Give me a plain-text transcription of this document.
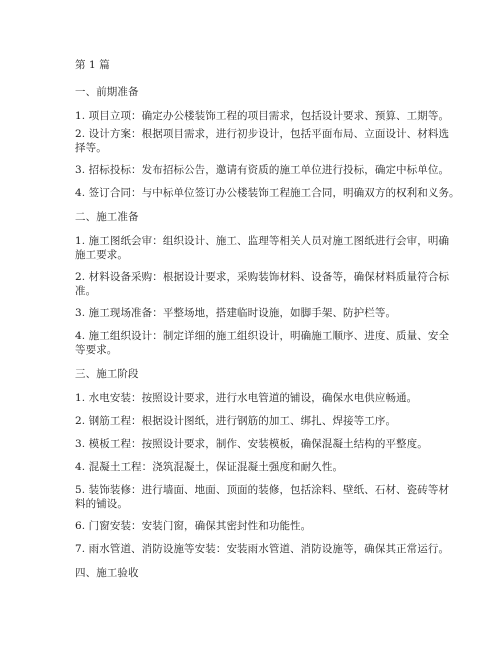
第 1 篇
一、前期准备
1. 项目立项：确定办公楼装饰工程的项目需求，包括设计要求、预算、工期等。
2. 设计方案：根据项目需求，进行初步设计，包括平面布局、立面设计、材料选
择等。
3. 招标投标：发布招标公告，邀请有资质的施工单位进行投标，确定中标单位。
4. 签订合同：与中标单位签订办公楼装饰工程施工合同，明确双方的权利和义务。
二、施工准备
1. 施工图纸会审：组织设计、施工、监理等相关人员对施工图纸进行会审，明确
施工要求。
2. 材料设备采购：根据设计要求，采购装饰材料、设备等，确保材料质量符合标
准。
3. 施工现场准备：平整场地，搭建临时设施，如脚手架、防护栏等。
4. 施工组织设计：制定详细的施工组织设计，明确施工顺序、进度、质量、安全
等要求。
三、施工阶段
1. 水电安装：按照设计要求，进行水电管道的铺设，确保水电供应畅通。
2. 钢筋工程：根据设计图纸，进行钢筋的加工、绑扎、焊接等工序。
3. 模板工程：按照设计要求，制作、安装模板，确保混凝土结构的平整度。
4. 混凝土工程：浇筑混凝土，保证混凝土强度和耐久性。
5. 装饰装修：进行墙面、地面、顶面的装修，包括涂料、壁纸、石材、瓷砖等材
料的铺设。
6. 门窗安装：安装门窗，确保其密封性和功能性。
7. 雨水管道、消防设施等安装：安装雨水管道、消防设施等，确保其正常运行。
四、施工验收
